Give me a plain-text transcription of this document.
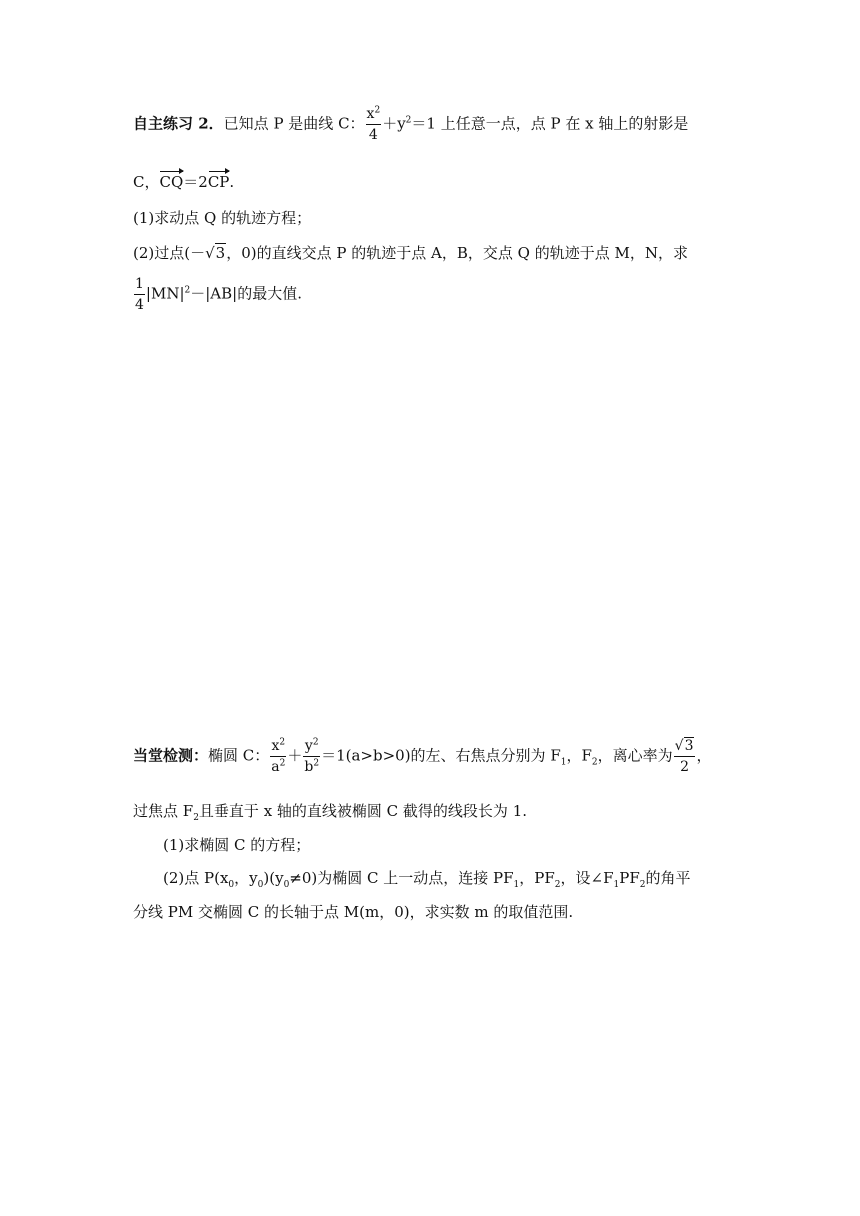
自主练习 2．已知点 P 是曲线 C： $\frac{x^2}{4} +y^2=1$ 上任意一点，点 P 在 x 轴上的射影是
C，CQ＝2CP.
(1)求动点 Q 的轨迹方程；
(2)过点(－√3，0)的直线交点 P 的轨迹于点 A，B，交点 Q 的轨迹于点 M，N，求
$\frac{1}{4} |MN|^2-|AB|$的最大值.
当堂检测：椭圆 C： $\frac{x^2}{a^2} + \frac{y^2}{b^2} =1(a>b>0)$的左、右焦点分别为 $F_1$，$F_2$，离心率为 $\frac{√3}{2}$ ，
过焦点 $F_2$且垂直于 x 轴的直线被椭圆 C 截得的线段长为 1.
(1)求椭圆 C 的方程；
(2)点 $P(x_0$，$y_0)(y_0\ne 0)$为椭圆 C 上一动点，连接 $PF_1$，$PF_2$，设$\angle F_1PF_2$的角平
分线 PM 交椭圆 C 的长轴于点 M(m，0)，求实数 m 的取值范围.
